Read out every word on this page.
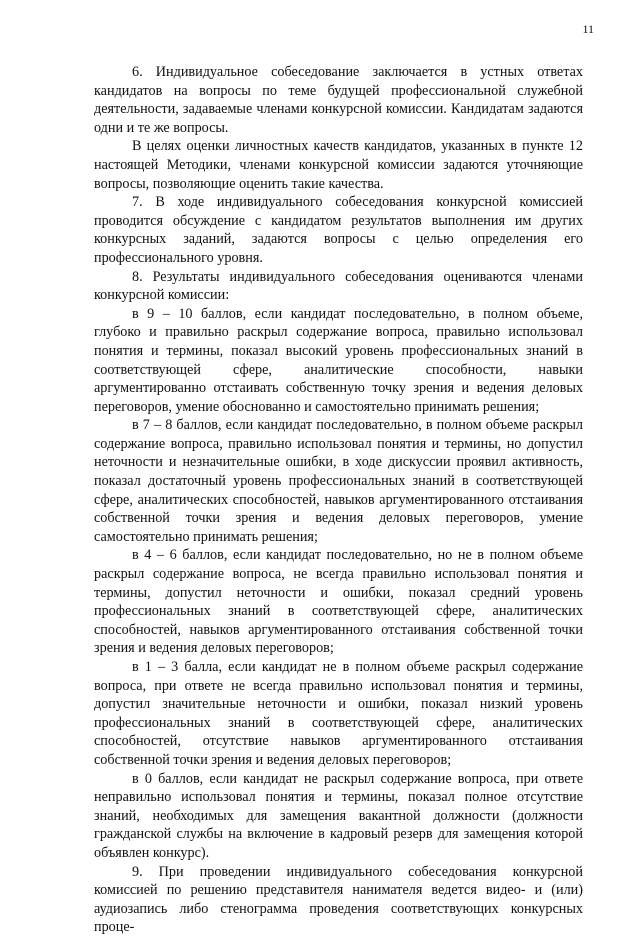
11

6. Индивидуальное собеседование заключается в устных ответах кандидатов на вопросы по теме будущей профессиональной служебной деятельности, задаваемые членами конкурсной комиссии. Кандидатам задаются одни и те же вопросы.

В целях оценки личностных качеств кандидатов, указанных в пункте 12 настоящей Методики, членами конкурсной комиссии задаются уточняющие вопросы, позволяющие оценить такие качества.

7. В ходе индивидуального собеседования конкурсной комиссией проводится обсуждение с кандидатом результатов выполнения им других конкурсных заданий, задаются вопросы с целью определения его профессионального уровня.

8. Результаты индивидуального собеседования оцениваются членами конкурсной комиссии:

в 9 – 10 баллов, если кандидат последовательно, в полном объеме, глубоко и правильно раскрыл содержание вопроса, правильно использовал понятия и термины, показал высокий уровень профессиональных знаний в соответствующей сфере, аналитические способности, навыки аргументированно отстаивать собственную точку зрения и ведения деловых переговоров, умение обоснованно и самостоятельно принимать решения;

в 7 – 8 баллов, если кандидат последовательно, в полном объеме раскрыл содержание вопроса, правильно использовал понятия и термины, но допустил неточности и незначительные ошибки, в ходе дискуссии проявил активность, показал достаточный уровень профессиональных знаний в соответствующей сфере, аналитических способностей, навыков аргументированного отстаивания собственной точки зрения и ведения деловых переговоров, умение самостоятельно принимать решения;

в 4 – 6 баллов, если кандидат последовательно, но не в полном объеме раскрыл содержание вопроса, не всегда правильно использовал понятия и термины, допустил неточности и ошибки, показал средний уровень профессиональных знаний в соответствующей сфере, аналитических способностей, навыков аргументированного отстаивания собственной точки зрения и ведения деловых переговоров;

в 1 – 3 балла, если кандидат не в полном объеме раскрыл содержание вопроса, при ответе не всегда правильно использовал понятия и термины, допустил значительные неточности и ошибки, показал низкий уровень профессиональных знаний в соответствующей сфере, аналитических способностей, отсутствие навыков аргументированного отстаивания собственной точки зрения и ведения деловых переговоров;

в 0 баллов, если кандидат не раскрыл содержание вопроса, при ответе неправильно использовал понятия и термины, показал полное отсутствие знаний, необходимых для замещения вакантной должности (должности гражданской службы на включение в кадровый резерв для замещения которой объявлен конкурс).

9. При проведении индивидуального собеседования конкурсной комиссией по решению представителя нанимателя ведется видео- и (или) аудиозапись либо стенограмма проведения соответствующих конкурсных проце-
